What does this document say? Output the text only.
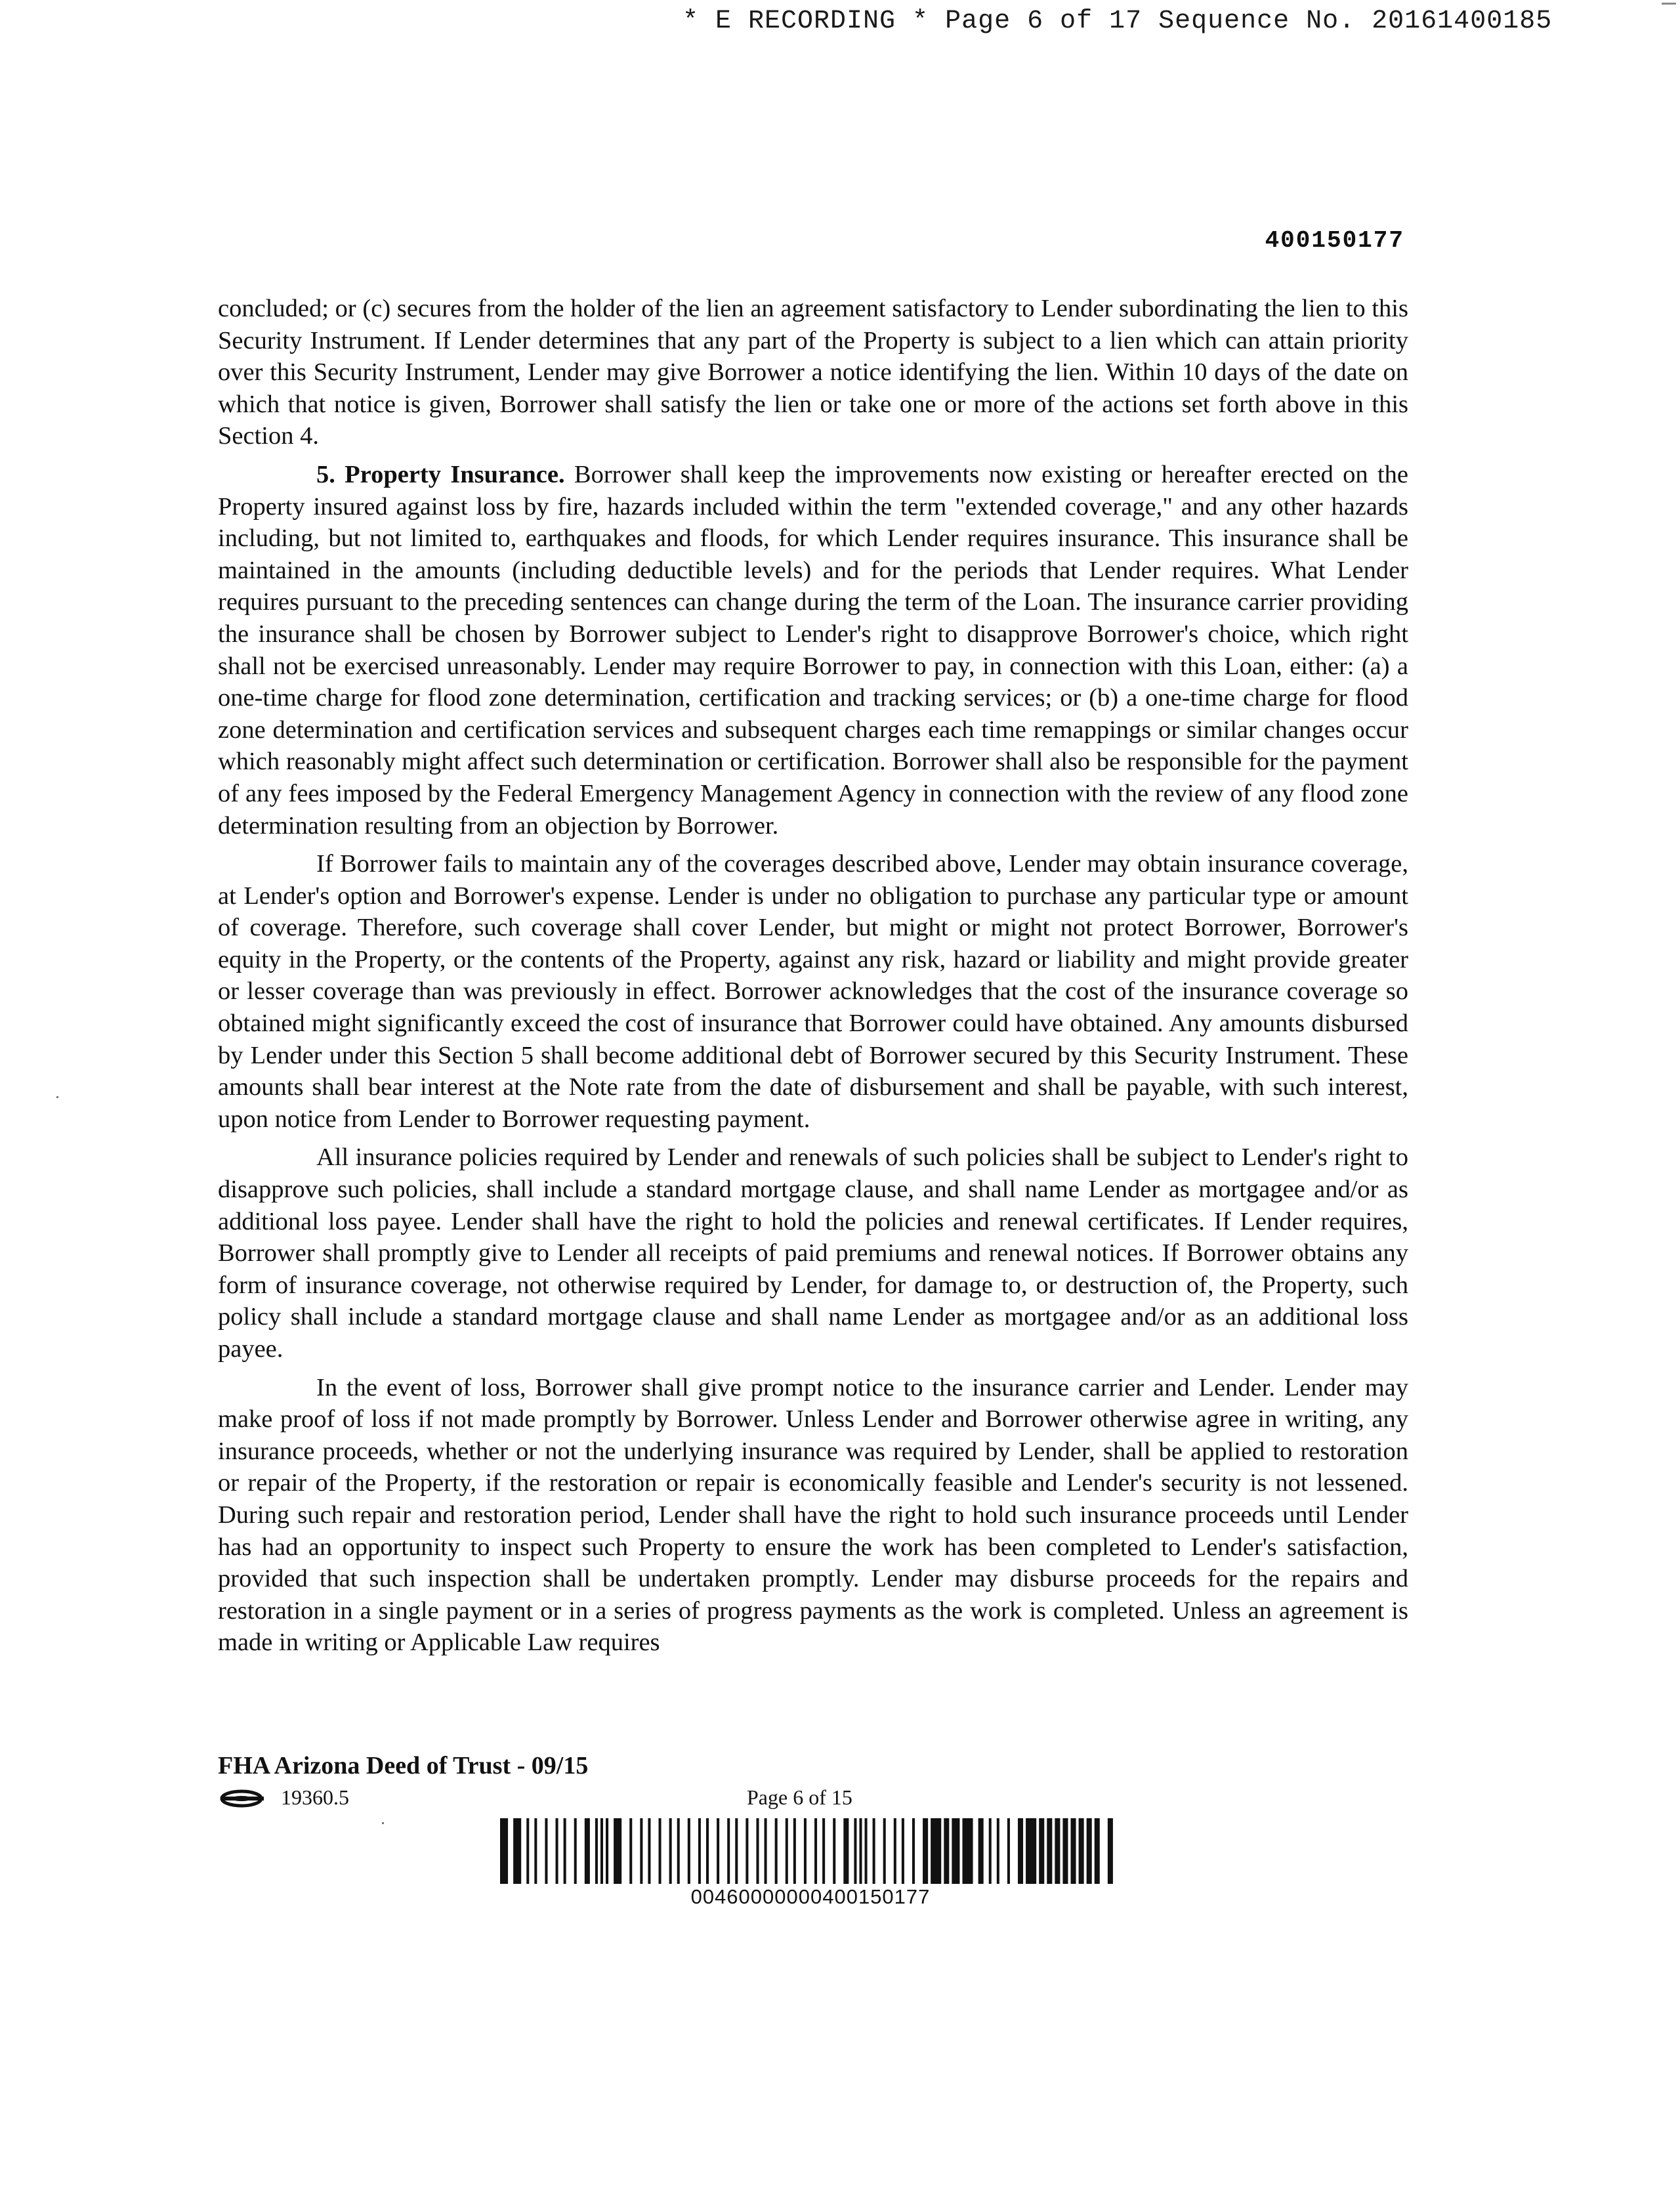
* E RECORDING * Page 6 of 17 Sequence No. 20161400185
400150177

concluded; or (c) secures from the holder of the lien an agreement satisfactory to Lender subordinating the lien to this Security Instrument. If Lender determines that any part of the Property is subject to a lien which can attain priority over this Security Instrument, Lender may give Borrower a notice identifying the lien. Within 10 days of the date on which that notice is given, Borrower shall satisfy the lien or take one or more of the actions set forth above in this Section 4.

5. Property Insurance. Borrower shall keep the improvements now existing or hereafter erected on the Property insured against loss by fire, hazards included within the term "extended coverage," and any other hazards including, but not limited to, earthquakes and floods, for which Lender requires insurance. This insurance shall be maintained in the amounts (including deductible levels) and for the periods that Lender requires. What Lender requires pursuant to the preceding sentences can change during the term of the Loan. The insurance carrier providing the insurance shall be chosen by Borrower subject to Lender's right to disapprove Borrower's choice, which right shall not be exercised unreasonably. Lender may require Borrower to pay, in connection with this Loan, either: (a) a one-time charge for flood zone determination, certification and tracking services; or (b) a one-time charge for flood zone determination and certification services and subsequent charges each time remappings or similar changes occur which reasonably might affect such determination or certification. Borrower shall also be responsible for the payment of any fees imposed by the Federal Emergency Management Agency in connection with the review of any flood zone determination resulting from an objection by Borrower.

If Borrower fails to maintain any of the coverages described above, Lender may obtain insurance coverage, at Lender's option and Borrower's expense. Lender is under no obligation to purchase any particular type or amount of coverage. Therefore, such coverage shall cover Lender, but might or might not protect Borrower, Borrower's equity in the Property, or the contents of the Property, against any risk, hazard or liability and might provide greater or lesser coverage than was previously in effect. Borrower acknowledges that the cost of the insurance coverage so obtained might significantly exceed the cost of insurance that Borrower could have obtained. Any amounts disbursed by Lender under this Section 5 shall become additional debt of Borrower secured by this Security Instrument. These amounts shall bear interest at the Note rate from the date of disbursement and shall be payable, with such interest, upon notice from Lender to Borrower requesting payment.

All insurance policies required by Lender and renewals of such policies shall be subject to Lender's right to disapprove such policies, shall include a standard mortgage clause, and shall name Lender as mortgagee and/or as additional loss payee. Lender shall have the right to hold the policies and renewal certificates. If Lender requires, Borrower shall promptly give to Lender all receipts of paid premiums and renewal notices. If Borrower obtains any form of insurance coverage, not otherwise required by Lender, for damage to, or destruction of, the Property, such policy shall include a standard mortgage clause and shall name Lender as mortgagee and/or as an additional loss payee.

In the event of loss, Borrower shall give prompt notice to the insurance carrier and Lender. Lender may make proof of loss if not made promptly by Borrower. Unless Lender and Borrower otherwise agree in writing, any insurance proceeds, whether or not the underlying insurance was required by Lender, shall be applied to restoration or repair of the Property, if the restoration or repair is economically feasible and Lender's security is not lessened. During such repair and restoration period, Lender shall have the right to hold such insurance proceeds until Lender has had an opportunity to inspect such Property to ensure the work has been completed to Lender's satisfaction, provided that such inspection shall be undertaken promptly. Lender may disburse proceeds for the repairs and restoration in a single payment or in a series of progress payments as the work is completed. Unless an agreement is made in writing or Applicable Law requires

FHA Arizona Deed of Trust - 09/15
19360.5	Page 6 of 15
00460000000400150177
